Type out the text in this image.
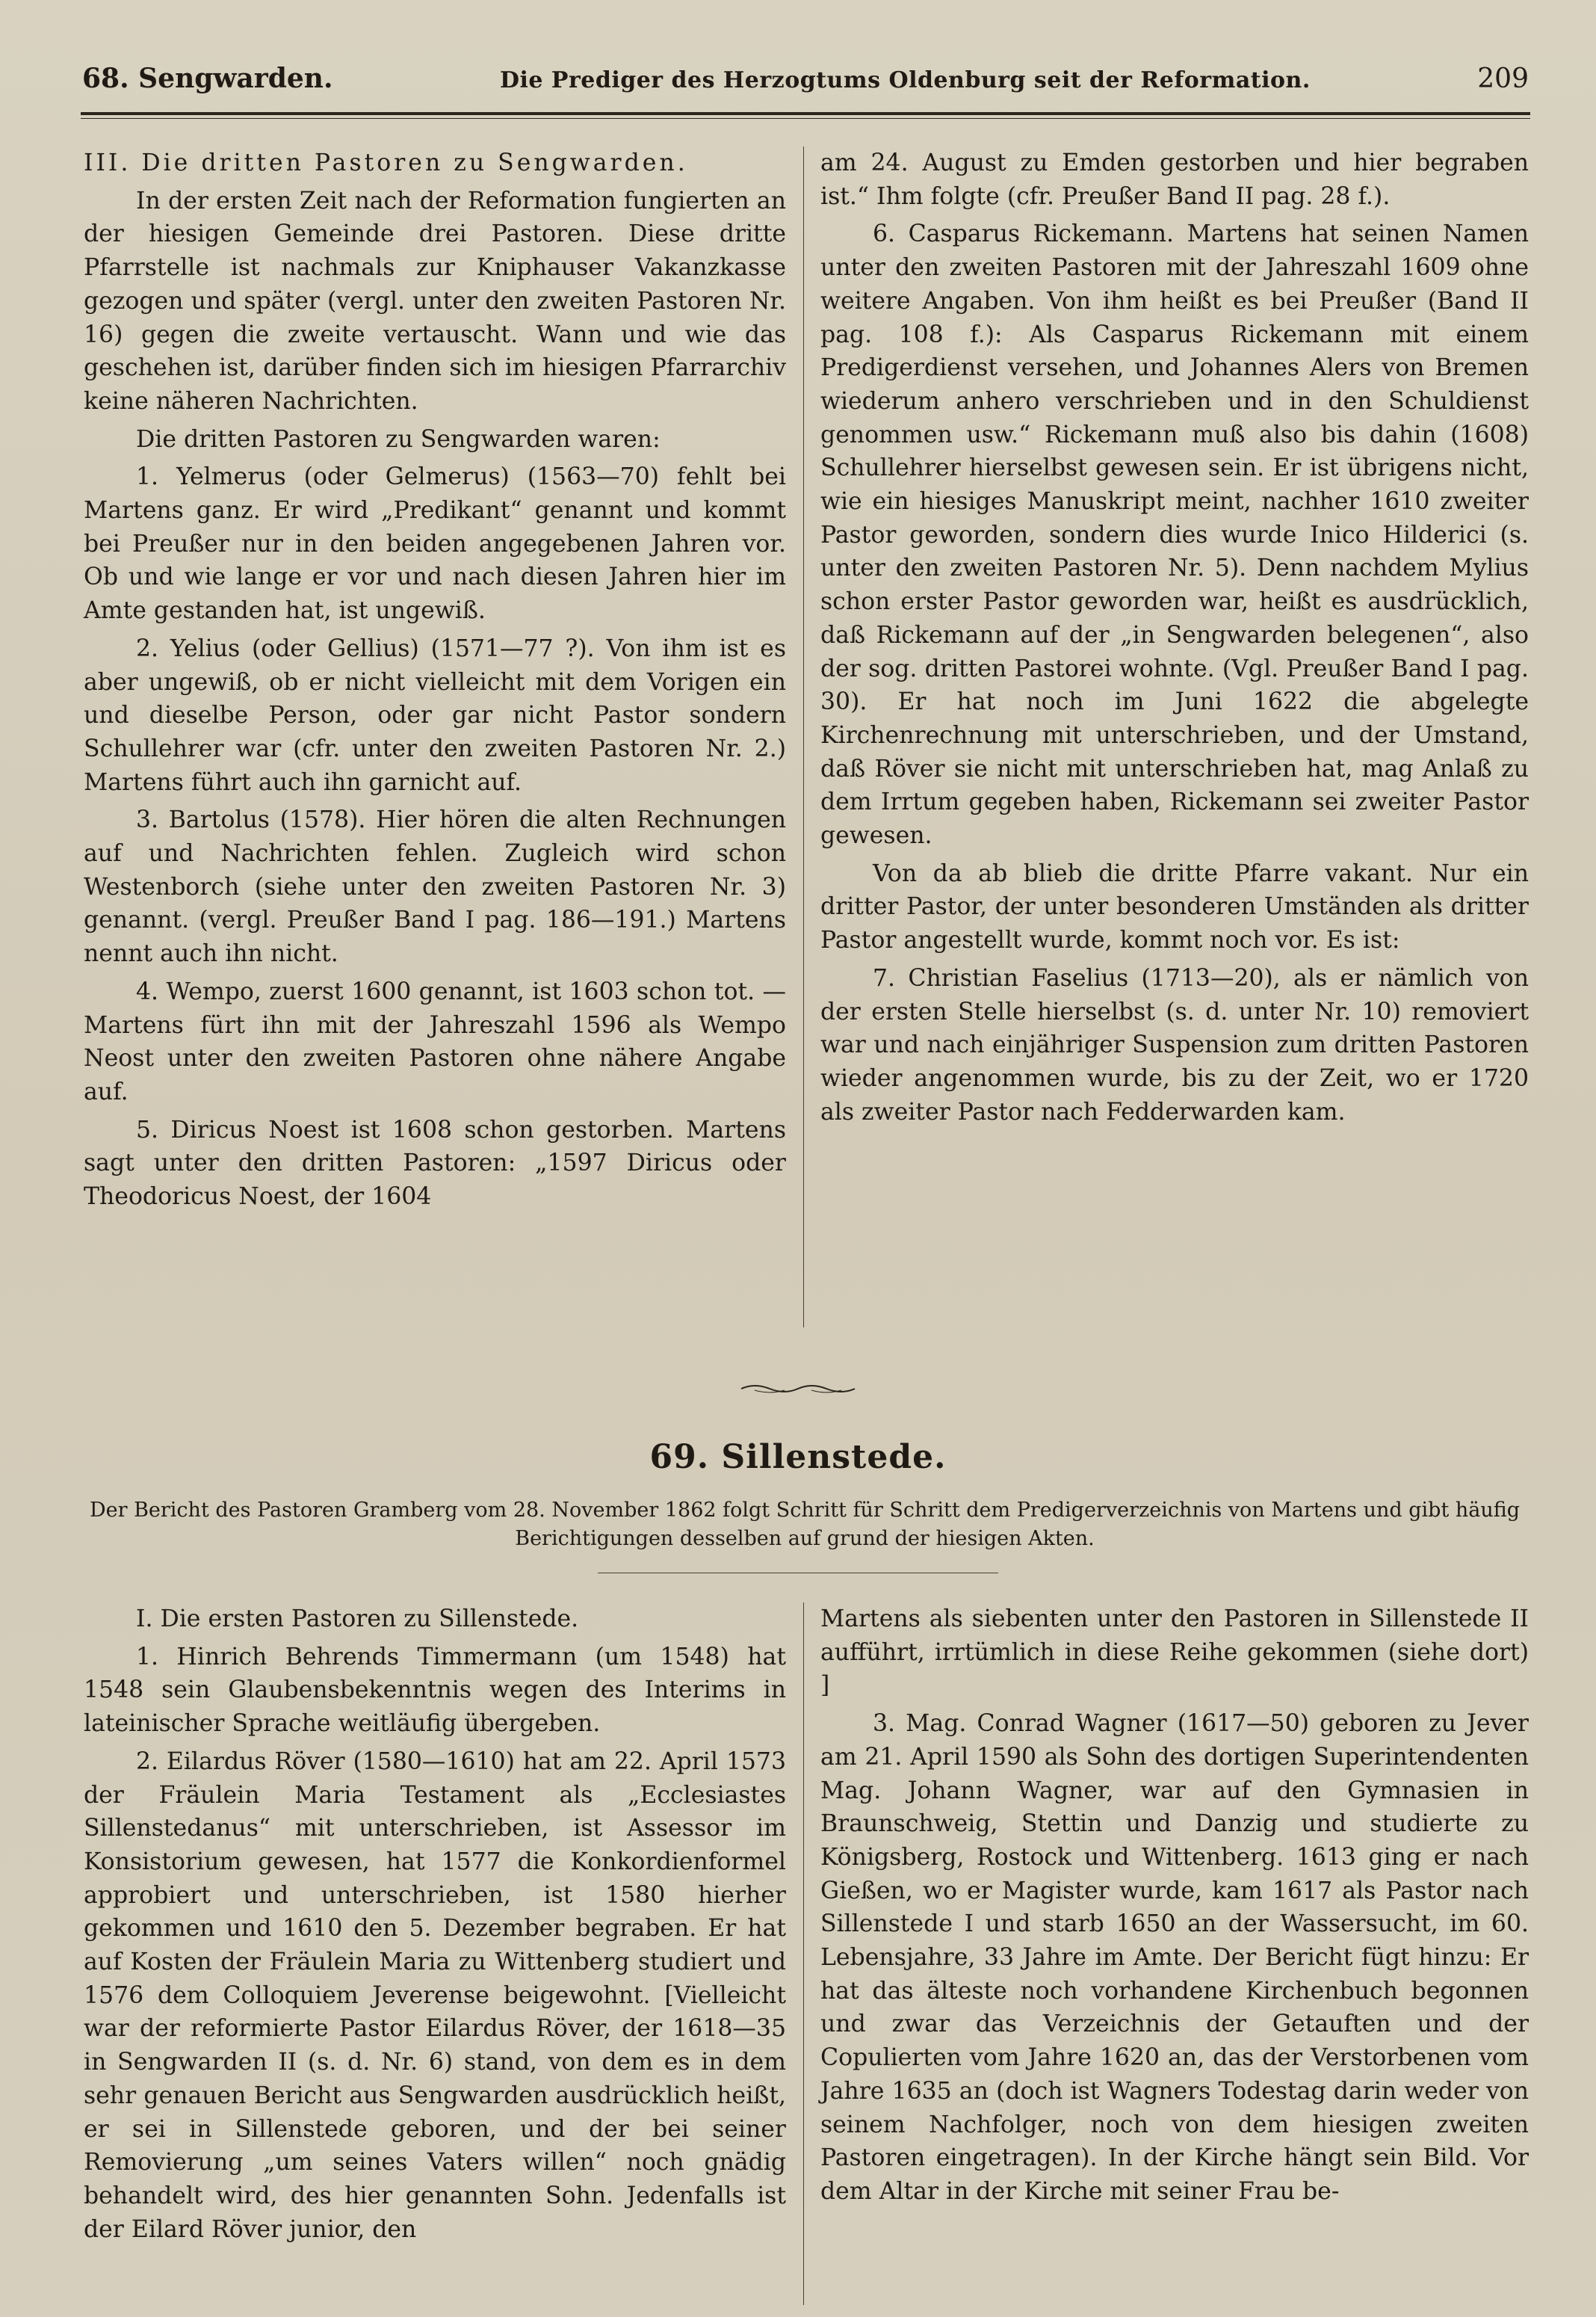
68. Sengwarden.	Die Prediger des Herzogtums Oldenburg seit der Reformation.	209

III. Die dritten Pastoren zu Sengwarden.

In der ersten Zeit nach der Reformation fungierten an der hiesigen Gemeinde drei Pastoren. Diese dritte Pfarrstelle ist nachmals zur Kniphauser Vakanzkasse gezogen und später (vergl. unter den zweiten Pastoren Nr. 16) gegen die zweite vertauscht. Wann und wie das geschehen ist, darüber finden sich im hiesigen Pfarrarchiv keine näheren Nachrichten.

Die dritten Pastoren zu Sengwarden waren:

1. Yelmerus (oder Gelmerus) (1563—70) fehlt bei Martens ganz. Er wird „Predikant“ genannt und kommt bei Preußer nur in den beiden angegebenen Jahren vor. Ob und wie lange er vor und nach diesen Jahren hier im Amte gestanden hat, ist ungewiß.

2. Yelius (oder Gellius) (1571—77 ?). Von ihm ist es aber ungewiß, ob er nicht vielleicht mit dem Vorigen ein und dieselbe Person, oder gar nicht Pastor sondern Schullehrer war (cfr. unter den zweiten Pastoren Nr. 2.) Martens führt auch ihn garnicht auf.

3. Bartolus (1578). Hier hören die alten Rechnungen auf und Nachrichten fehlen. Zugleich wird schon Westenborch (siehe unter den zweiten Pastoren Nr. 3) genannt. (vergl. Preußer Band I pag. 186—191.) Martens nennt auch ihn nicht.

4. Wempo, zuerst 1600 genannt, ist 1603 schon tot. — Martens fürt ihn mit der Jahreszahl 1596 als Wempo Neost unter den zweiten Pastoren ohne nähere Angabe auf.

5. Diricus Noest ist 1608 schon gestorben. Martens sagt unter den dritten Pastoren: „1597 Diricus oder Theodoricus Noest, der 1604

am 24. August zu Emden gestorben und hier begraben ist.“ Ihm folgte (cfr. Preußer Band II pag. 28 f.).

6. Casparus Rickemann. Martens hat seinen Namen unter den zweiten Pastoren mit der Jahreszahl 1609 ohne weitere Angaben. Von ihm heißt es bei Preußer (Band II pag. 108 f.): Als Casparus Rickemann mit einem Predigerdienst versehen, und Johannes Alers von Bremen wiederum anhero verschrieben und in den Schuldienst genommen usw.“ Rickemann muß also bis dahin (1608) Schullehrer hierselbst gewesen sein. Er ist übrigens nicht, wie ein hiesiges Manuskript meint, nachher 1610 zweiter Pastor geworden, sondern dies wurde Inico Hilderici (s. unter den zweiten Pastoren Nr. 5). Denn nachdem Mylius schon erster Pastor geworden war, heißt es ausdrücklich, daß Rickemann auf der „in Sengwarden belegenen“, also der sog. dritten Pastorei wohnte. (Vgl. Preußer Band I pag. 30). Er hat noch im Juni 1622 die abgelegte Kirchenrechnung mit unterschrieben, und der Umstand, daß Röver sie nicht mit unterschrieben hat, mag Anlaß zu dem Irrtum gegeben haben, Rickemann sei zweiter Pastor gewesen.

Von da ab blieb die dritte Pfarre vakant. Nur ein dritter Pastor, der unter besonderen Umständen als dritter Pastor angestellt wurde, kommt noch vor. Es ist:

7. Christian Faselius (1713—20), als er nämlich von der ersten Stelle hierselbst (s. d. unter Nr. 10) removiert war und nach einjähriger Suspension zum dritten Pastoren wieder angenommen wurde, bis zu der Zeit, wo er 1720 als zweiter Pastor nach Fedderwarden kam.

69. Sillenstede.
Der Bericht des Pastoren Gramberg vom 28. November 1862 folgt Schritt für Schritt dem Predigerverzeichnis von Martens und gibt häufig Berichtigungen desselben auf grund der hiesigen Akten.

I. Die ersten Pastoren zu Sillenstede.

1. Hinrich Behrends Timmermann (um 1548) hat 1548 sein Glaubensbekenntnis wegen des Interims in lateinischer Sprache weitläufig übergeben.

2. Eilardus Röver (1580—1610) hat am 22. April 1573 der Fräulein Maria Testament als „Ecclesiastes Sillenstedanus“ mit unterschrieben, ist Assessor im Konsistorium gewesen, hat 1577 die Konkordienformel approbiert und unterschrieben, ist 1580 hierher gekommen und 1610 den 5. Dezember begraben. Er hat auf Kosten der Fräulein Maria zu Wittenberg studiert und 1576 dem Colloquiem Jeverense beigewohnt. [Vielleicht war der reformierte Pastor Eilardus Röver, der 1618—35 in Sengwarden II (s. d. Nr. 6) stand, von dem es in dem sehr genauen Bericht aus Sengwarden ausdrücklich heißt, er sei in Sillenstede geboren, und der bei seiner Removierung „um seines Vaters willen“ noch gnädig behandelt wird, des hier genannten Sohn. Jedenfalls ist der Eilard Röver junior, den

Martens als siebenten unter den Pastoren in Sillenstede II aufführt, irrtümlich in diese Reihe gekommen (siehe dort) ]

3. Mag. Conrad Wagner (1617—50) geboren zu Jever am 21. April 1590 als Sohn des dortigen Superintendenten Mag. Johann Wagner, war auf den Gymnasien in Braunschweig, Stettin und Danzig und studierte zu Königsberg, Rostock und Wittenberg. 1613 ging er nach Gießen, wo er Magister wurde, kam 1617 als Pastor nach Sillenstede I und starb 1650 an der Wassersucht, im 60. Lebensjahre, 33 Jahre im Amte. Der Bericht fügt hinzu: Er hat das älteste noch vorhandene Kirchenbuch begonnen und zwar das Verzeichnis der Getauften und der Copulierten vom Jahre 1620 an, das der Verstorbenen vom Jahre 1635 an (doch ist Wagners Todestag darin weder von seinem Nachfolger, noch von dem hiesigen zweiten Pastoren eingetragen). In der Kirche hängt sein Bild. Vor dem Altar in der Kirche mit seiner Frau be-
